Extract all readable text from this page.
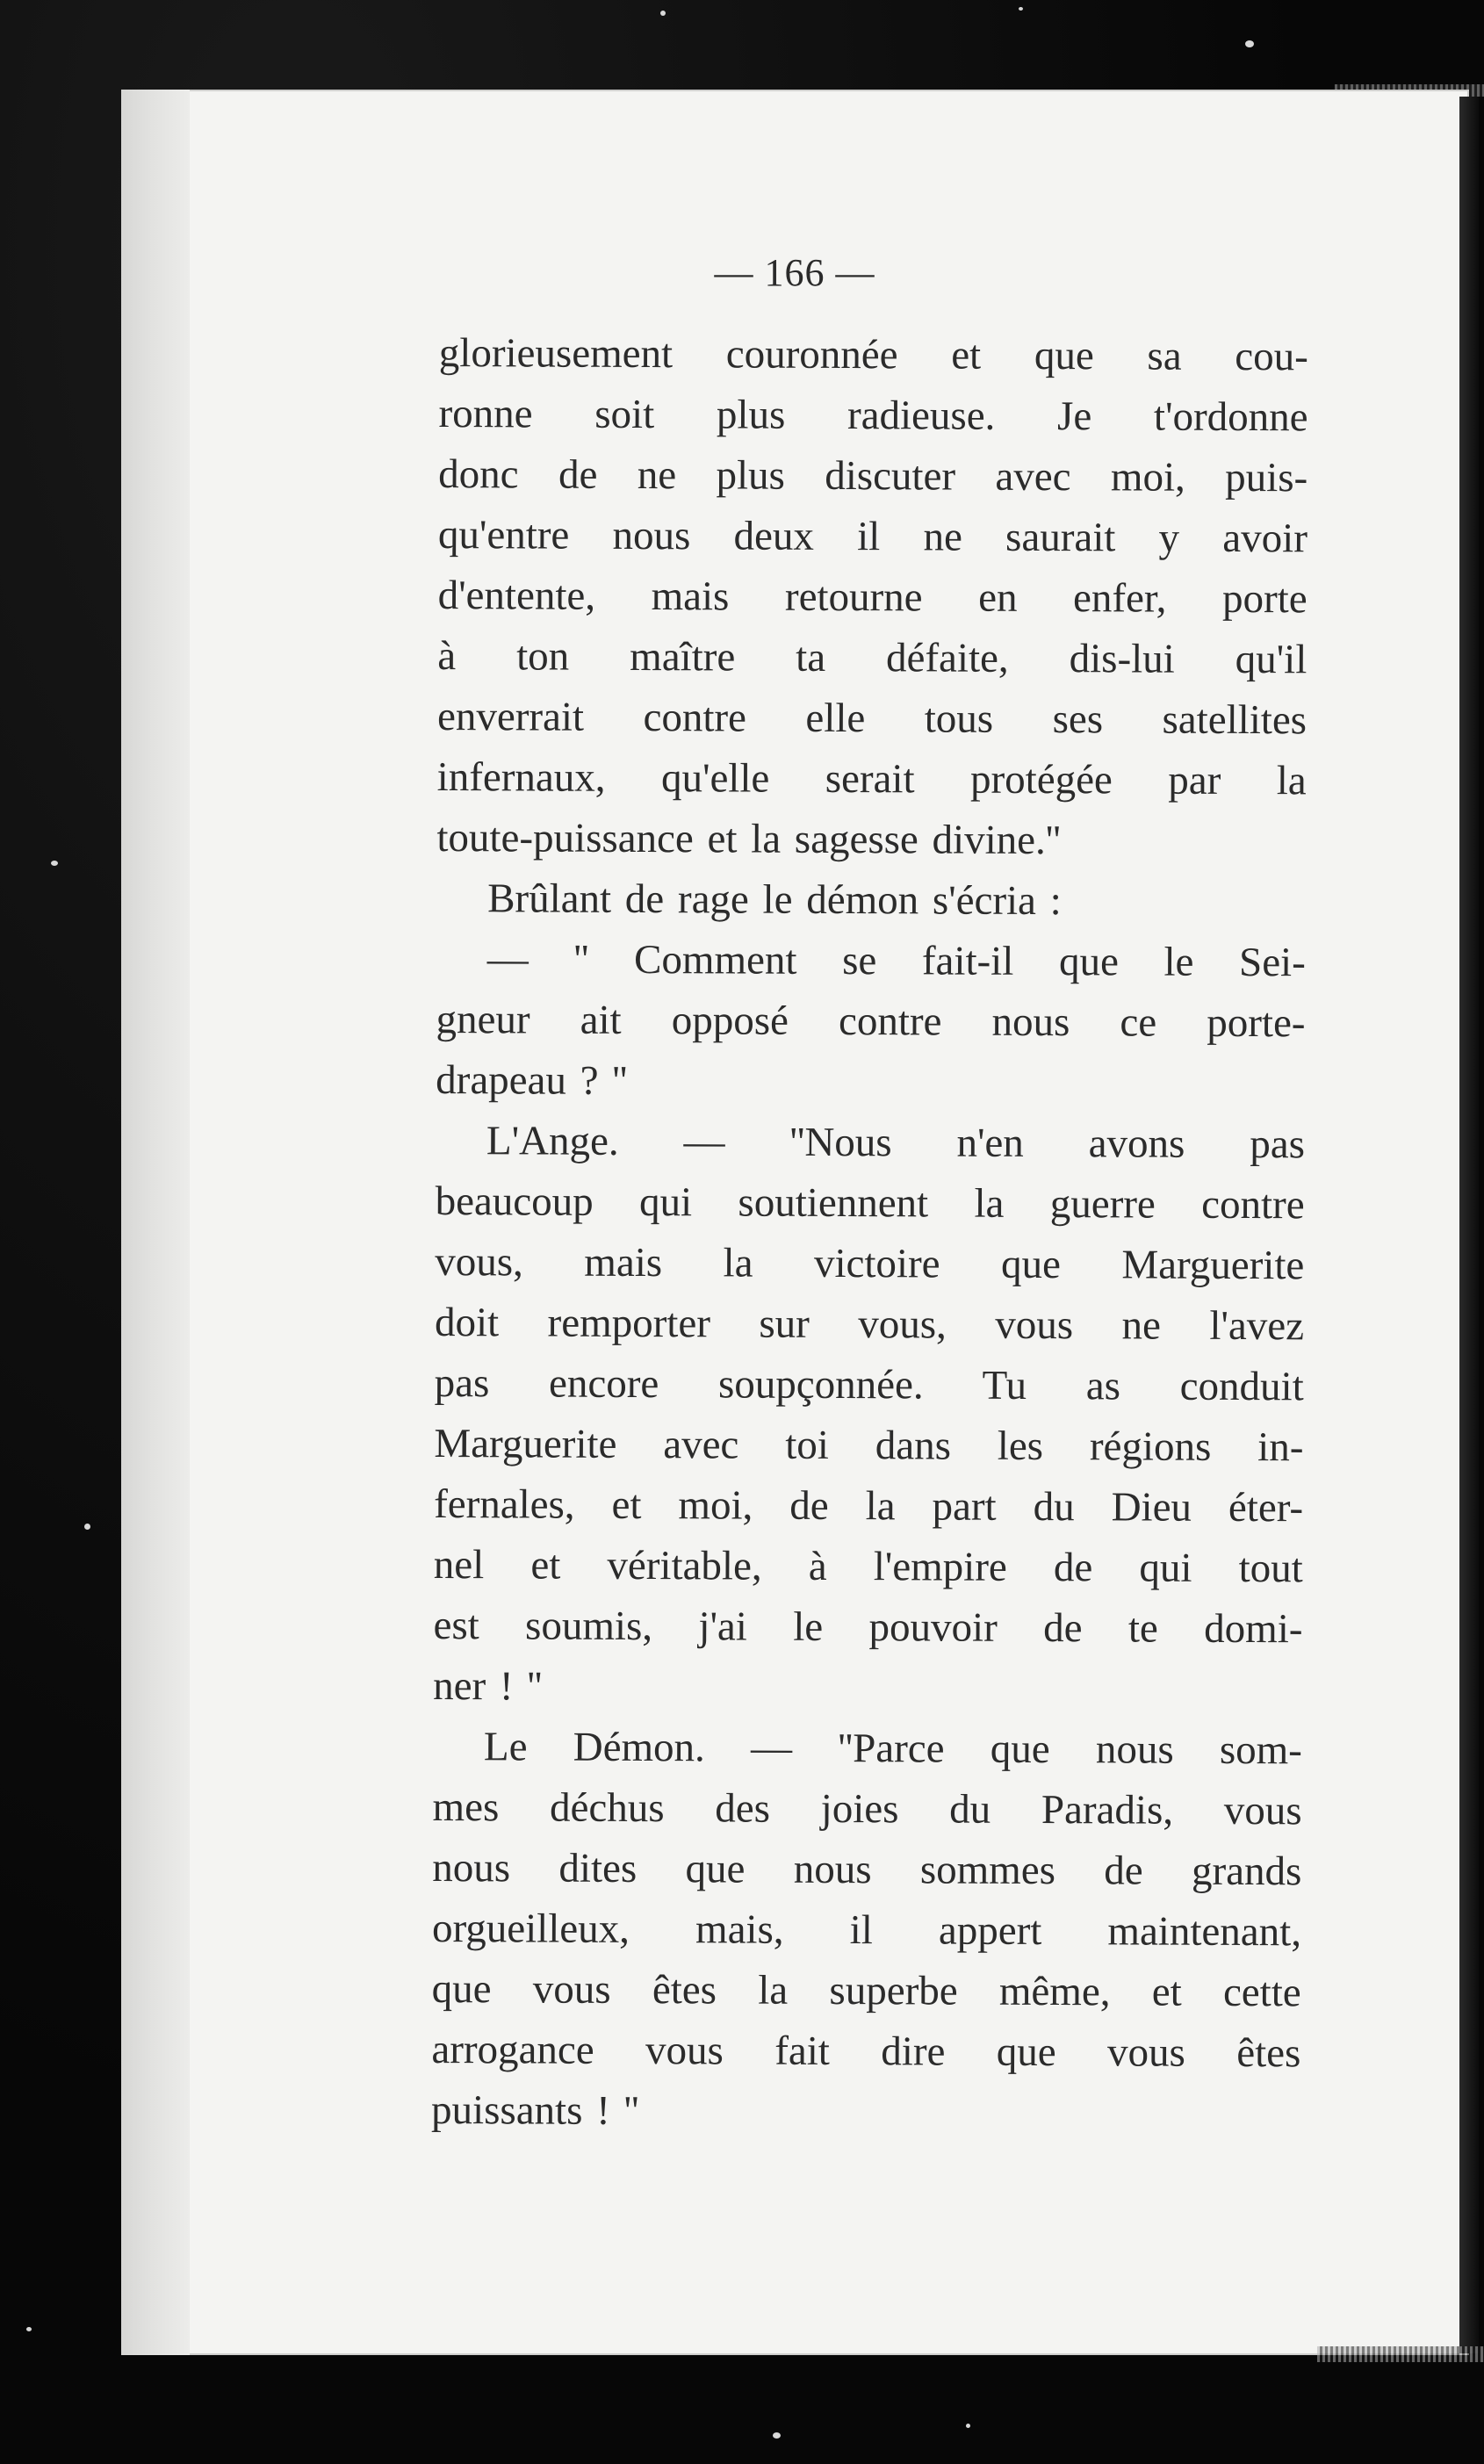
— 166 —
glorieusement couronnée et que sa cou-
ronne soit plus radieuse. Je t'ordonne
donc de ne plus discuter avec moi, puis-
qu'entre nous deux il ne saurait y avoir
d'entente, mais retourne en enfer, porte
à ton maître ta défaite, dis-lui qu'il
enverrait contre elle tous ses satellites
infernaux, qu'elle serait protégée par la
toute-puissance et la sagesse divine.''
Brûlant de rage le démon s'écria :
— '' Comment se fait-il que le Sei-
gneur ait opposé contre nous ce porte-
drapeau ? ''
L'Ange. — ''Nous n'en avons pas
beaucoup qui soutiennent la guerre contre
vous, mais la victoire que Marguerite
doit remporter sur vous, vous ne l'avez
pas encore soupçonnée. Tu as conduit
Marguerite avec toi dans les régions in-
fernales, et moi, de la part du Dieu éter-
nel et véritable, à l'empire de qui tout
est soumis, j'ai le pouvoir de te domi-
ner ! ''
Le Démon. — ''Parce que nous som-
mes déchus des joies du Paradis, vous
nous dites que nous sommes de grands
orgueilleux, mais, il appert maintenant,
que vous êtes la superbe même, et cette
arrogance vous fait dire que vous êtes
puissants ! ''
